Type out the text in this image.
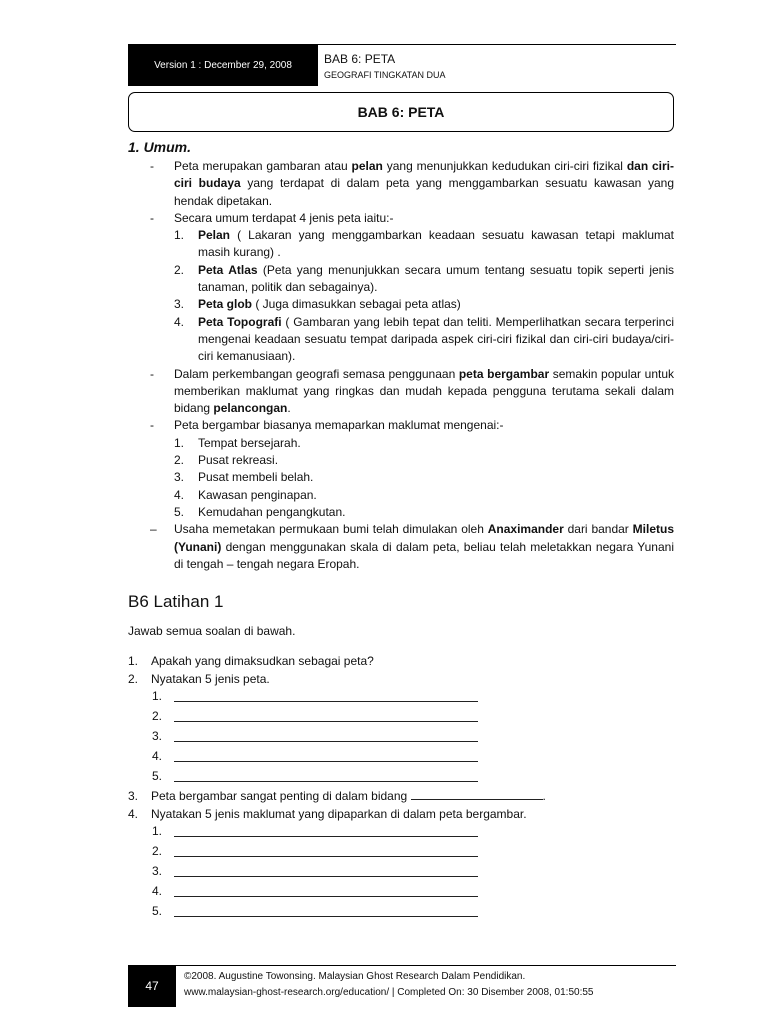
Version 1 : December 29, 2008	BAB 6: PETA
GEOGRAFI TINGKATAN DUA
BAB 6: PETA
1. Umum.
- Peta merupakan gambaran atau pelan yang menunjukkan kedudukan ciri-ciri fizikal dan ciri-ciri budaya yang terdapat di dalam peta yang menggambarkan sesuatu kawasan yang hendak dipetakan.
- Secara umum terdapat 4 jenis peta iaitu:-
1. Pelan ( Lakaran yang menggambarkan keadaan sesuatu kawasan tetapi maklumat masih kurang) .
2. Peta Atlas (Peta yang menunjukkan secara umum tentang sesuatu topik seperti jenis tanaman, politik dan sebagainya).
3. Peta glob ( Juga dimasukkan sebagai peta atlas)
4. Peta Topografi ( Gambaran yang lebih tepat dan teliti. Memperlihatkan secara terperinci mengenai keadaan sesuatu tempat daripada aspek ciri-ciri fizikal dan ciri-ciri budaya/ciri-ciri kemanusiaan).
- Dalam perkembangan geografi semasa penggunaan peta bergambar semakin popular untuk memberikan maklumat yang ringkas dan mudah kepada pengguna terutama sekali dalam bidang pelancongan.
- Peta bergambar biasanya memaparkan maklumat mengenai:-
1. Tempat bersejarah.
2. Pusat rekreasi.
3. Pusat membeli belah.
4. Kawasan penginapan.
5. Kemudahan pengangkutan.
– Usaha memetakan permukaan bumi telah dimulakan oleh Anaximander dari bandar Miletus (Yunani) dengan menggunakan skala di dalam peta, beliau telah meletakkan negara Yunani di tengah – tengah negara Eropah.
B6 Latihan 1
Jawab semua soalan di bawah.
1. Apakah yang dimaksudkan sebagai peta?
2. Nyatakan 5 jenis peta.
1.
2.
3.
4.
5.
3. Peta bergambar sangat penting di dalam bidang	.
4. Nyatakan 5 jenis maklumat yang dipaparkan di dalam peta bergambar.
1.
2.
3.
4.
5.
47
©2008. Augustine Towonsing. Malaysian Ghost Research Dalam Pendidikan.
www.malaysian-ghost-research.org/education/ | Completed On: 30 Disember 2008, 01:50:55
